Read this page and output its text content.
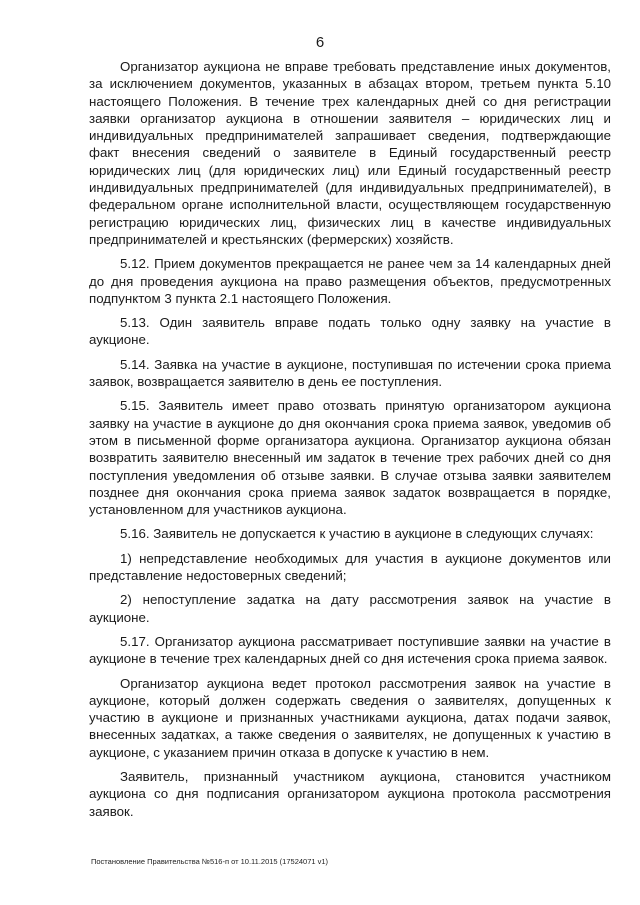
6

Организатор аукциона не вправе требовать представление иных документов, за исключением документов, указанных в абзацах втором, третьем пункта 5.10 настоящего Положения. В течение трех календарных дней со дня регистрации заявки организатор аукциона в отношении заявителя – юридических лиц и индивидуальных предпринимателей запрашивает сведения, подтверждающие факт внесения сведений о заявителе в Единый государственный реестр юридических лиц (для юридических лиц) или Единый государственный реестр индивидуальных предпринимателей (для индивидуальных предпринимателей), в федеральном органе исполнительной власти, осуществляющем государственную регистрацию юридических лиц, физических лиц в качестве индивидуальных предпринимателей и крестьянских (фермерских) хозяйств.

5.12. Прием документов прекращается не ранее чем за 14 календарных дней до дня проведения аукциона на право размещения объектов, предусмотренных подпунктом 3 пункта 2.1 настоящего Положения.

5.13. Один заявитель вправе подать только одну заявку на участие в аукционе.

5.14. Заявка на участие в аукционе, поступившая по истечении срока приема заявок, возвращается заявителю в день ее поступления.

5.15. Заявитель имеет право отозвать принятую организатором аукциона заявку на участие в аукционе до дня окончания срока приема заявок, уведомив об этом в письменной форме организатора аукциона. Организатор аукциона обязан возвратить заявителю внесенный им задаток в течение трех рабочих дней со дня поступления уведомления об отзыве заявки. В случае отзыва заявки заявителем позднее дня окончания срока приема заявок задаток возвращается в порядке, установленном для участников аукциона.

5.16. Заявитель не допускается к участию в аукционе в следующих случаях:

1) непредставление необходимых для участия в аукционе документов или представление недостоверных сведений;

2) непоступление задатка на дату рассмотрения заявок на участие в аукционе.

5.17. Организатор аукциона рассматривает поступившие заявки на участие в аукционе в течение трех календарных дней со дня истечения срока приема заявок.

Организатор аукциона ведет протокол рассмотрения заявок на участие в аукционе, который должен содержать сведения о заявителях, допущенных к участию в аукционе и признанных участниками аукциона, датах подачи заявок, внесенных задатках, а также сведения о заявителях, не допущенных к участию в аукционе, с указанием причин отказа в допуске к участию в нем.

Заявитель, признанный участником аукциона, становится участником аукциона со дня подписания организатором аукциона протокола рассмотрения заявок.

Постановление Правительства №516-п от 10.11.2015 (17524071 v1)
